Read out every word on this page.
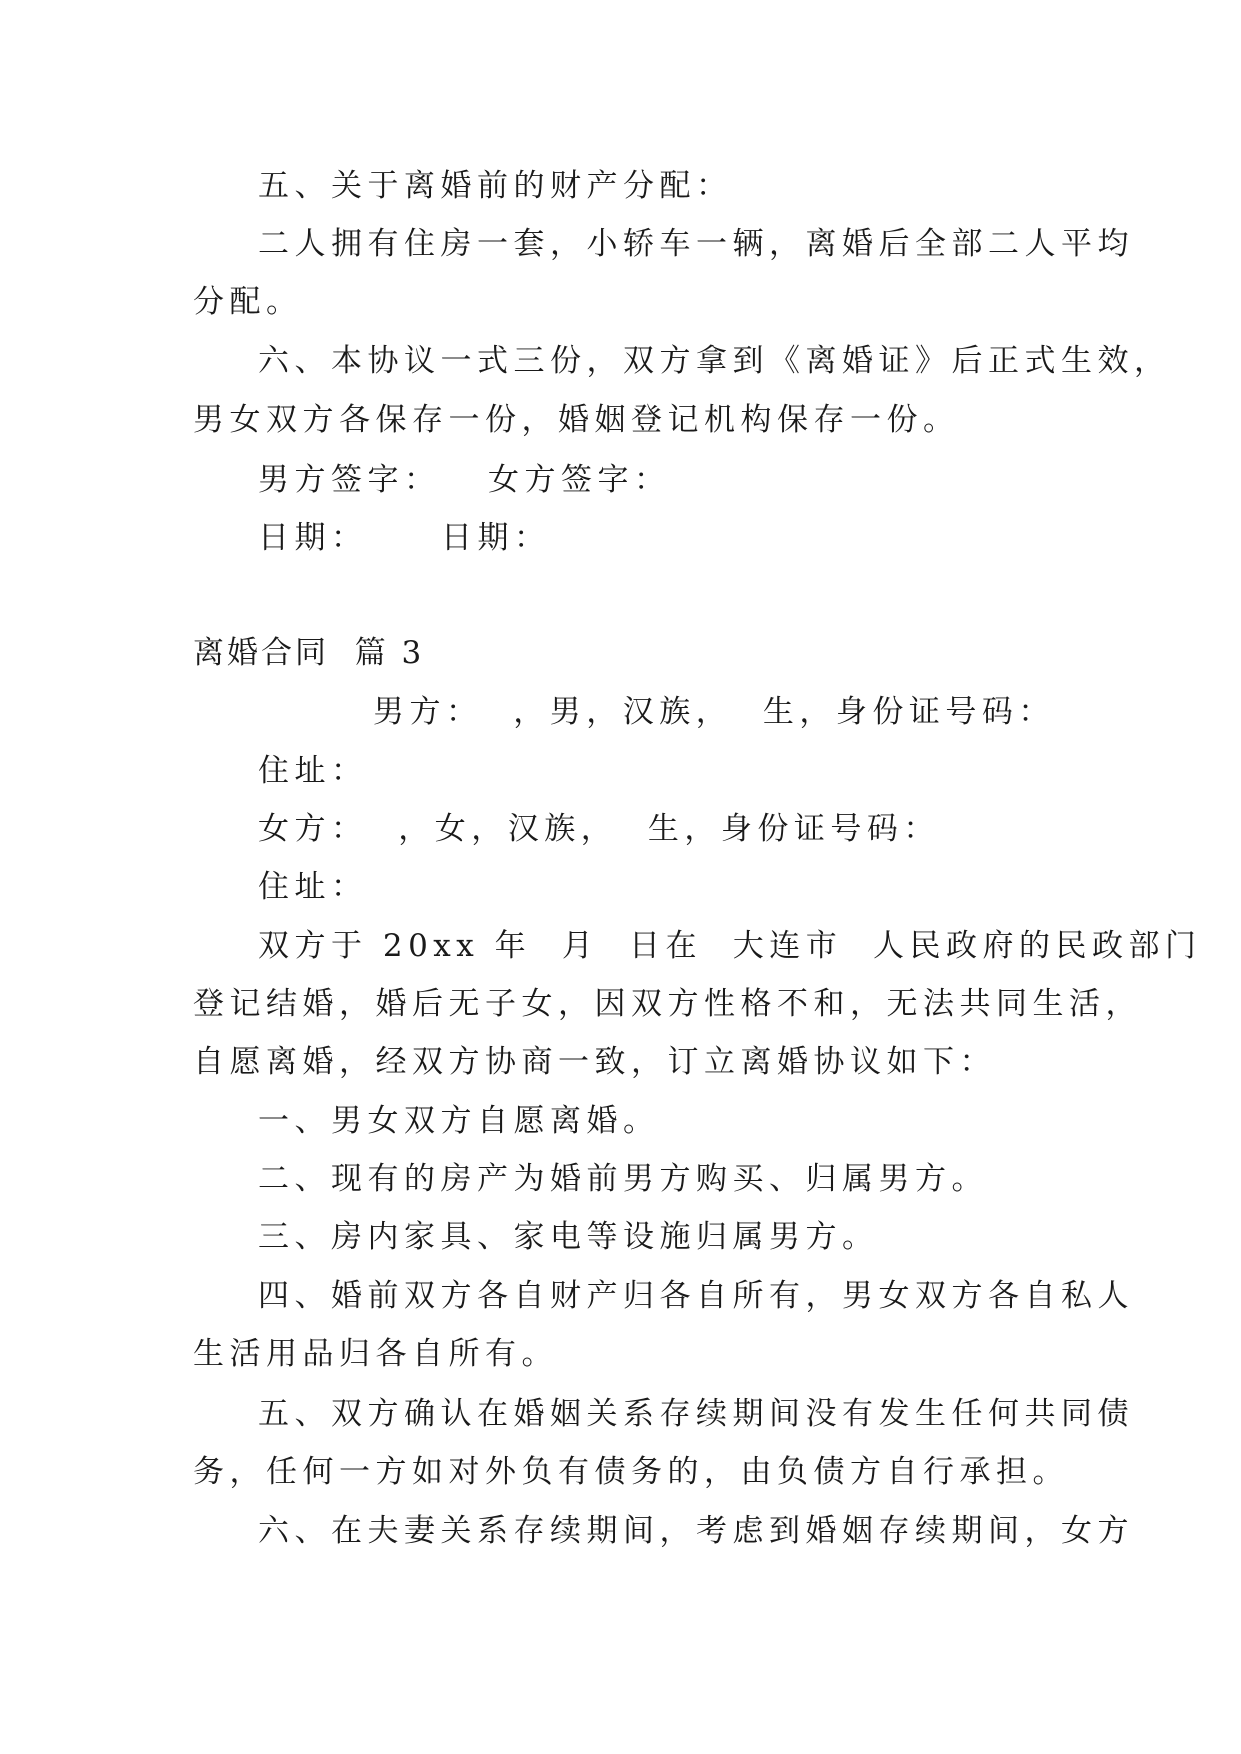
五、关于离婚前的财产分配：
二人拥有住房一套，小轿车一辆，离婚后全部二人平均
分配。
六、本协议一式三份，双方拿到《离婚证》后正式生效，
男女双方各保存一份，婚姻登记机构保存一份。
男方签字： 女方签字：
日期： 日期：
离婚合同  篇 3
男方：  ，男，汉族，  生，身份证号码：
住址：
女方：  ，女，汉族，  生，身份证号码：
住址：
双方于 20xx 年  月  日在  大连市  人民政府的民政部门
登记结婚，婚后无子女，因双方性格不和，无法共同生活，
自愿离婚，经双方协商一致，订立离婚协议如下：
一、男女双方自愿离婚。
二、现有的房产为婚前男方购买、归属男方。
三、房内家具、家电等设施归属男方。
四、婚前双方各自财产归各自所有，男女双方各自私人
生活用品归各自所有。
五、双方确认在婚姻关系存续期间没有发生任何共同债
务，任何一方如对外负有债务的，由负债方自行承担。
六、在夫妻关系存续期间，考虑到婚姻存续期间，女方
